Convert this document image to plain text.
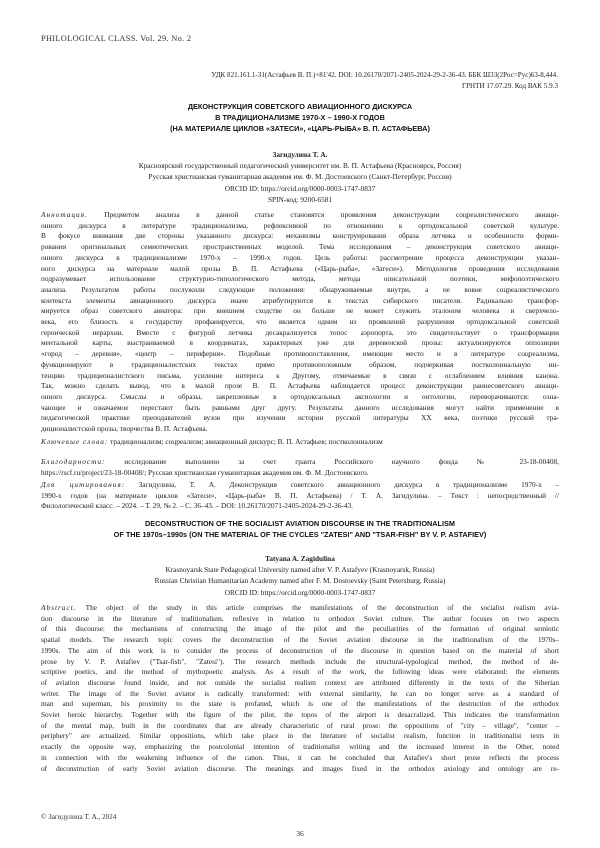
PHILOLOGICAL CLASS. Vol. 29. No. 2
УДК 821.161.1-31(Астафьев В. П.)+81'42. DOI: 10.26170/2071-2405-2024-29-2-36-43. ББК Ш33(2Рос=Рус)63-8,444.
ГРНТИ 17.07.29. Код ВАК 5.9.3
ДЕКОНСТРУКЦИЯ СОВЕТСКОГО АВИАЦИОННОГО ДИСКУРСА
В ТРАДИЦИОНАЛИЗМЕ 1970-Х – 1990-Х ГОДОВ
(НА МАТЕРИАЛЕ ЦИКЛОВ «ЗАТЕСИ», «ЦАРЬ-РЫБА» В. П. АСТАФЬЕВА)
Загидулина Т. А.
Красноярский государственный педагогический университет им. В. П. Астафьева (Красноярск, Россия)
Русская христианская гуманитарная академия им. Ф. М. Достоевского (Санкт-Петербург, Россия)
ORCID ID: https://orcid.org/0000-0003-1747-0837
SPIN-код: 9200-6581
Аннотация. Предметом анализа в данной статье становятся проявления деконструкции соцреалистического авиаци-
онного дискурса в литературе традиционализма, рефлексивной по отношению к ортодоксальной советской культуре.
В фокусе внимания две стороны указанного дискурса: механизмы конструирования образа летчика и особенности форми-
рования оригинальных семиотических пространственных моделей. Тема исследования – деконструкция советского авиаци-
онного дискурса в традиционализме 1970-х – 1990-х годов. Цель работы: рассмотрение процесса деконструкции указан-
ного дискурса на материале малой прозы В. П. Астафьева («Царь-рыба», «Затеси»). Методология проведения исследования
подразумевает использование структурно-типологического метода, метода описательной поэтики, мифопоэтического
анализа. Результатом работы послужили следующие положения: обнаруживаемые внутри, а не вовне соцреалистического
контекста элементы авиационного дискурса иначе атрибутируются в текстах сибирского писателя. Радикально трансфор-
мируется образ советского авиатора: при внешнем сходстве он больше не может служить эталоном человека и сверхчело-
века, его близость к государству профанируется, что является одним из проявлений разрушения ортодоксальной советской
героической иерархии. Вместе с фигурой летчика десакрализуется топос аэропорта, это свидетельствует о трансформации
ментальной карты, выстраиваемой в координатах, характерных уже для деревенской прозы: актуализируются оппозиции
«город – деревня», «центр – периферия». Подобные противопоставления, имеющие место и в литературе соцреализма,
функционируют в традиционалистских текстах прямо противоположным образом, подчеркивая постколониальную ин-
тенцию традиционалистского письма, усиление интереса к Другому, отмечаемые в связи с ослаблением влияния канона.
Так, можно сделать вывод, что в малой прозе В. П. Астафьева наблюдается процесс деконструкции раннесоветского авиаци-
онного дискурса. Смыслы и образы, закрепленные в ортодоксальных аксиологии и онтологии, переворачиваются: озна-
чающее и означаемое перестают быть равными друг другу. Результаты данного исследования могут найти применение в
педагогической практике преподавателей вузов при изучении истории русской литературы XX века, поэтики русской тра-
диционалистской прозы, творчества В. П. Астафьева.
Ключевые слова: традиционализм; соцреализм; авиационный дискурс; В. П. Астафьев; постколониализм
Благодарности:	исследование выполнено за счет гранта Российского научного фонда № 23-18-00408,
https://rscf.ru/project/23-18-00408/; Русская христианская гуманитарная академия им. Ф. М. Достоевского.
Для цитирования: Загидулина, Т. А. Деконструкция советского авиационного дискурса в традиционализме 1970-х –
1990-х годов (на материале циклов «Затеси», «Царь-рыба» В. П. Астафьева) / Т. А. Загидулина. – Текст : непосредственный //
Филологический класс. – 2024. – Т. 29, № 2. – С. 36–43. – DOI: 10.26170/2071-2405-2024-29-2-36-43.
DECONSTRUCTION OF THE SOCIALIST AVIATION DISCOURSE IN THE TRADITIONALISM
OF THE 1970s–1990s (ON THE MATERIAL OF THE CYCLES "ZATESI" AND "TSAR-FISH" BY V. P. ASTAFIEV)
Tatyana A. Zagidulina
Krasnoyarsk State Pedagogical University named after V. P. Astafyev (Krasnoyarsk, Russia)
Russian Christian Humanitarian Academy named after F. M. Dostoevsky (Saint Petersburg, Russia)
ORCID ID: https://orcid.org/0000-0003-1747-0837
Abstract. The object of the study in this article comprises the manifestations of the deconstruction of the socialist realism avia-
tion discourse in the literature of traditionalism, reflexive in relation to orthodox Soviet culture. The author focuses on two aspects
of this discourse: the mechanisms of constructing the image of the pilot and the peculiarities of the formation of original semiotic
spatial models. The research topic covers the deconstruction of the Soviet aviation discourse in the traditionalism of the 1970s–
1990s. The aim of this work is to consider the process of deconstruction of the discourse in question based on the material of short
prose by V. P. Astafiev ("Tsar-fish", "Zatesi"). The research methods include the structural-typological method, the method of de-
scriptive poetics, and the method of mythopoetic analysis. As a result of the work, the following ideas were elaborated: the elements
of aviation discourse found inside, and not outside the socialist realism context are attributed differently in the texts of the Siberian
writer. The image of the Soviet aviator is radically transformed: with external similarity, he can no longer serve as a standard of
man and superman, his proximity to the state is profaned, which is one of the manifestations of the destruction of the orthodox
Soviet heroic hierarchy. Together with the figure of the pilot, the topos of the airport is desacralized. This indicates the transformation
of the mental map, built in the coordinates that are already characteristic of rural prose: the oppositions of "city – village", "center –
periphery" are actualized. Similar oppositions, which take place in the literature of socialist realism, function in traditionalist texts in
exactly the opposite way, emphasizing the postcolonial intention of traditionalist writing and the increased interest in the Other, noted
in connection with the weakening influence of the canon. Thus, it can be concluded that Astafiev's short prose reflects the process
of deconstruction of early Soviet aviation discourse. The meanings and images fixed in the orthodox axiology and ontology are re-
© Загидулина Т. А., 2024
36
